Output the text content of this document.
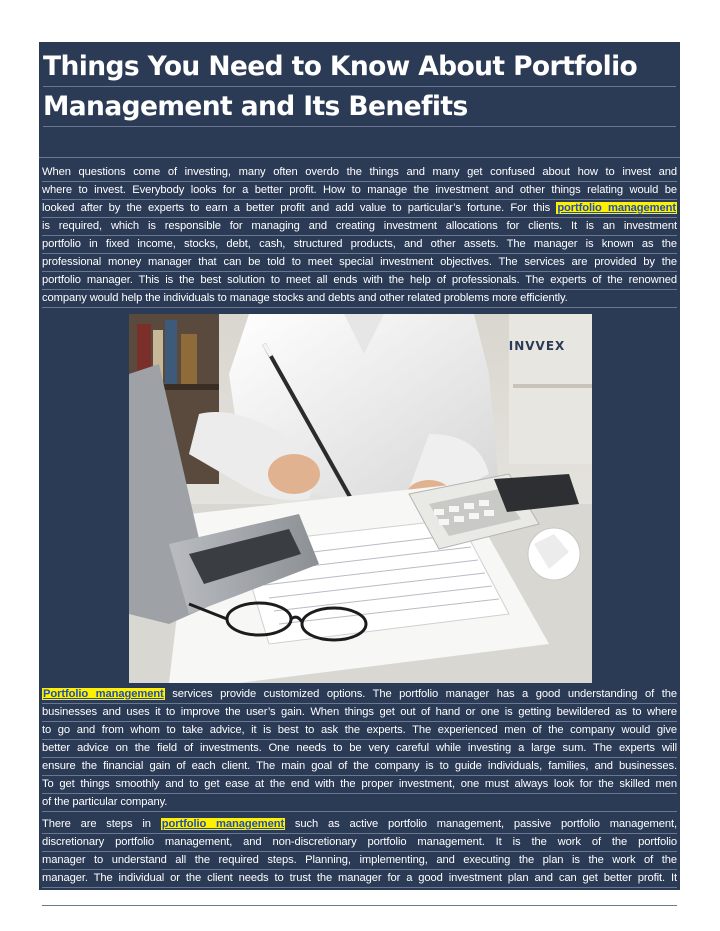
Things You Need to Know About Portfolio
Management and Its Benefits
When questions come of investing, many often overdo the things and many get confused about how to invest and
where to invest. Everybody looks for a better profit. How to manage the investment and other things relating would be
looked after by the experts to earn a better profit and add value to particular’s fortune. For this portfolio management
is required, which is responsible for managing and creating investment allocations for clients. It is an investment
portfolio in fixed income, stocks, debt, cash, structured products, and other assets. The manager is known as the
professional money manager that can be told to meet special investment objectives. The services are provided by the
portfolio manager. This is the best solution to meet all ends with the help of professionals. The experts of the renowned
company would help the individuals to manage stocks and debts and other related problems more efficiently.
INVVEX
Portfolio management services provide customized options. The portfolio manager has a good understanding of the
businesses and uses it to improve the user’s gain. When things get out of hand or one is getting bewildered as to where
to go and from whom to take advice, it is best to ask the experts. The experienced men of the company would give
better advice on the field of investments. One needs to be very careful while investing a large sum. The experts will
ensure the financial gain of each client. The main goal of the company is to guide individuals, families, and businesses.
To get things smoothly and to get ease at the end with the proper investment, one must always look for the skilled men
of the particular company.
There are steps in portfolio management such as active portfolio management, passive portfolio management,
discretionary portfolio management, and non-discretionary portfolio management. It is the work of the portfolio
manager to understand all the required steps. Planning, implementing, and executing the plan is the work of the
manager. The individual or the client needs to trust the manager for a good investment plan and can get better profit. It
is the best way to handle investments.
